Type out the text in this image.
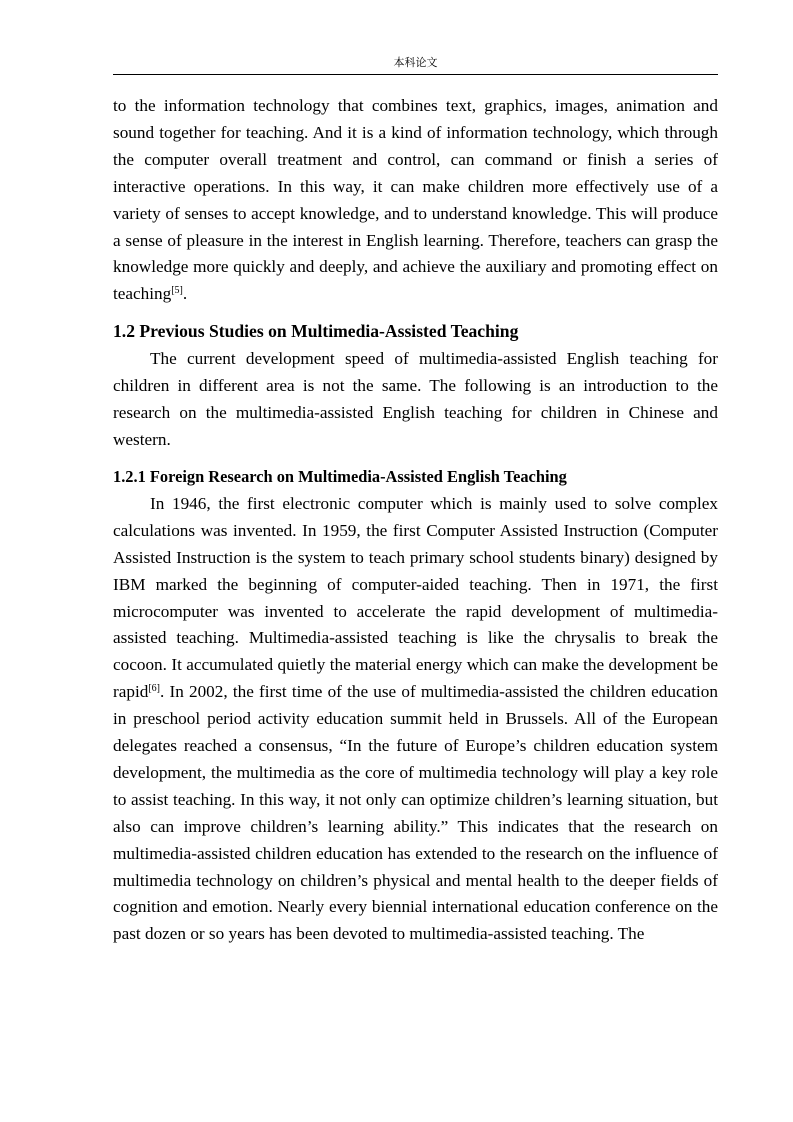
本科论文

to the information technology that combines text, graphics, images, animation and sound together for teaching. And it is a kind of information technology, which through the computer overall treatment and control, can command or finish a series of interactive operations. In this way, it can make children more effectively use of a variety of senses to accept knowledge, and to understand knowledge. This will produce a sense of pleasure in the interest in English learning. Therefore, teachers can grasp the knowledge more quickly and deeply, and achieve the auxiliary and promoting effect on teaching[5].

1.2 Previous Studies on Multimedia-Assisted Teaching

The current development speed of multimedia-assisted English teaching for children in different area is not the same. The following is an introduction to the research on the multimedia-assisted English teaching for children in Chinese and western.

1.2.1 Foreign Research on Multimedia-Assisted English Teaching

In 1946, the first electronic computer which is mainly used to solve complex calculations was invented. In 1959, the first Computer Assisted Instruction (Computer Assisted Instruction is the system to teach primary school students binary) designed by IBM marked the beginning of computer-aided teaching. Then in 1971, the first microcomputer was invented to accelerate the rapid development of multimedia-assisted teaching. Multimedia-assisted teaching is like the chrysalis to break the cocoon. It accumulated quietly the material energy which can make the development be rapid[6]. In 2002, the first time of the use of multimedia-assisted the children education in preschool period activity education summit held in Brussels. All of the European delegates reached a consensus, “In the future of Europe’s children education system development, the multimedia as the core of multimedia technology will play a key role to assist teaching. In this way, it not only can optimize children’s learning situation, but also can improve children’s learning ability.” This indicates that the research on multimedia-assisted children education has extended to the research on the influence of multimedia technology on children’s physical and mental health to the deeper fields of cognition and emotion. Nearly every biennial international education conference on the past dozen or so years has been devoted to multimedia-assisted teaching. The
